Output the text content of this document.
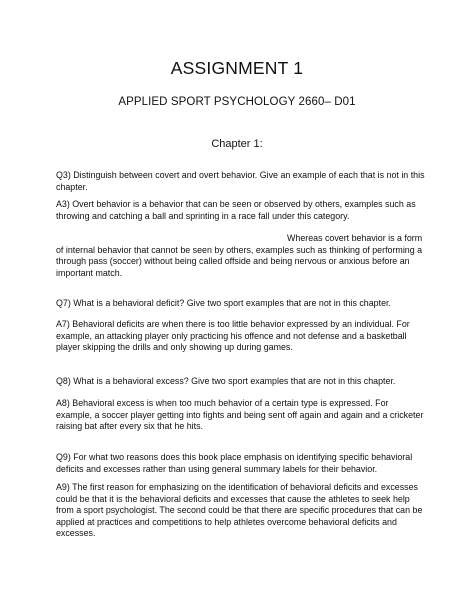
ASSIGNMENT 1
APPLIED SPORT PSYCHOLOGY 2660– D01
Chapter 1:

Q3) Distinguish between covert and overt behavior. Give an example of each that is not in this chapter.

A3) Overt behavior is a behavior that can be seen or observed by others, examples such as throwing and catching a ball and sprinting in a race fall under this category.

Whereas covert behavior is a form of internal behavior that cannot be seen by others, examples such as thinking of performing a through pass (soccer) without being called offside and being nervous or anxious before an important match.

Q7) What is a behavioral deficit? Give two sport examples that are not in this chapter.

A7) Behavioral deficits are when there is too little behavior expressed by an individual. For example, an attacking player only practicing his offence and not defense and a basketball player skipping the drills and only showing up during games.

Q8) What is a behavioral excess? Give two sport examples that are not in this chapter.

A8) Behavioral excess is when too much behavior of a certain type is expressed. For example, a soccer player getting into fights and being sent off again and again and a cricketer raising bat after every six that he hits.

Q9) For what two reasons does this book place emphasis on identifying specific behavioral deficits and excesses rather than using general summary labels for their behavior.

A9) The first reason for emphasizing on the identification of behavioral deficits and excesses could be that it is the behavioral deficits and excesses that cause the athletes to seek help from a sport psychologist. The second could be that there are specific procedures that can be applied at practices and competitions to help athletes overcome behavioral deficits and excesses.
